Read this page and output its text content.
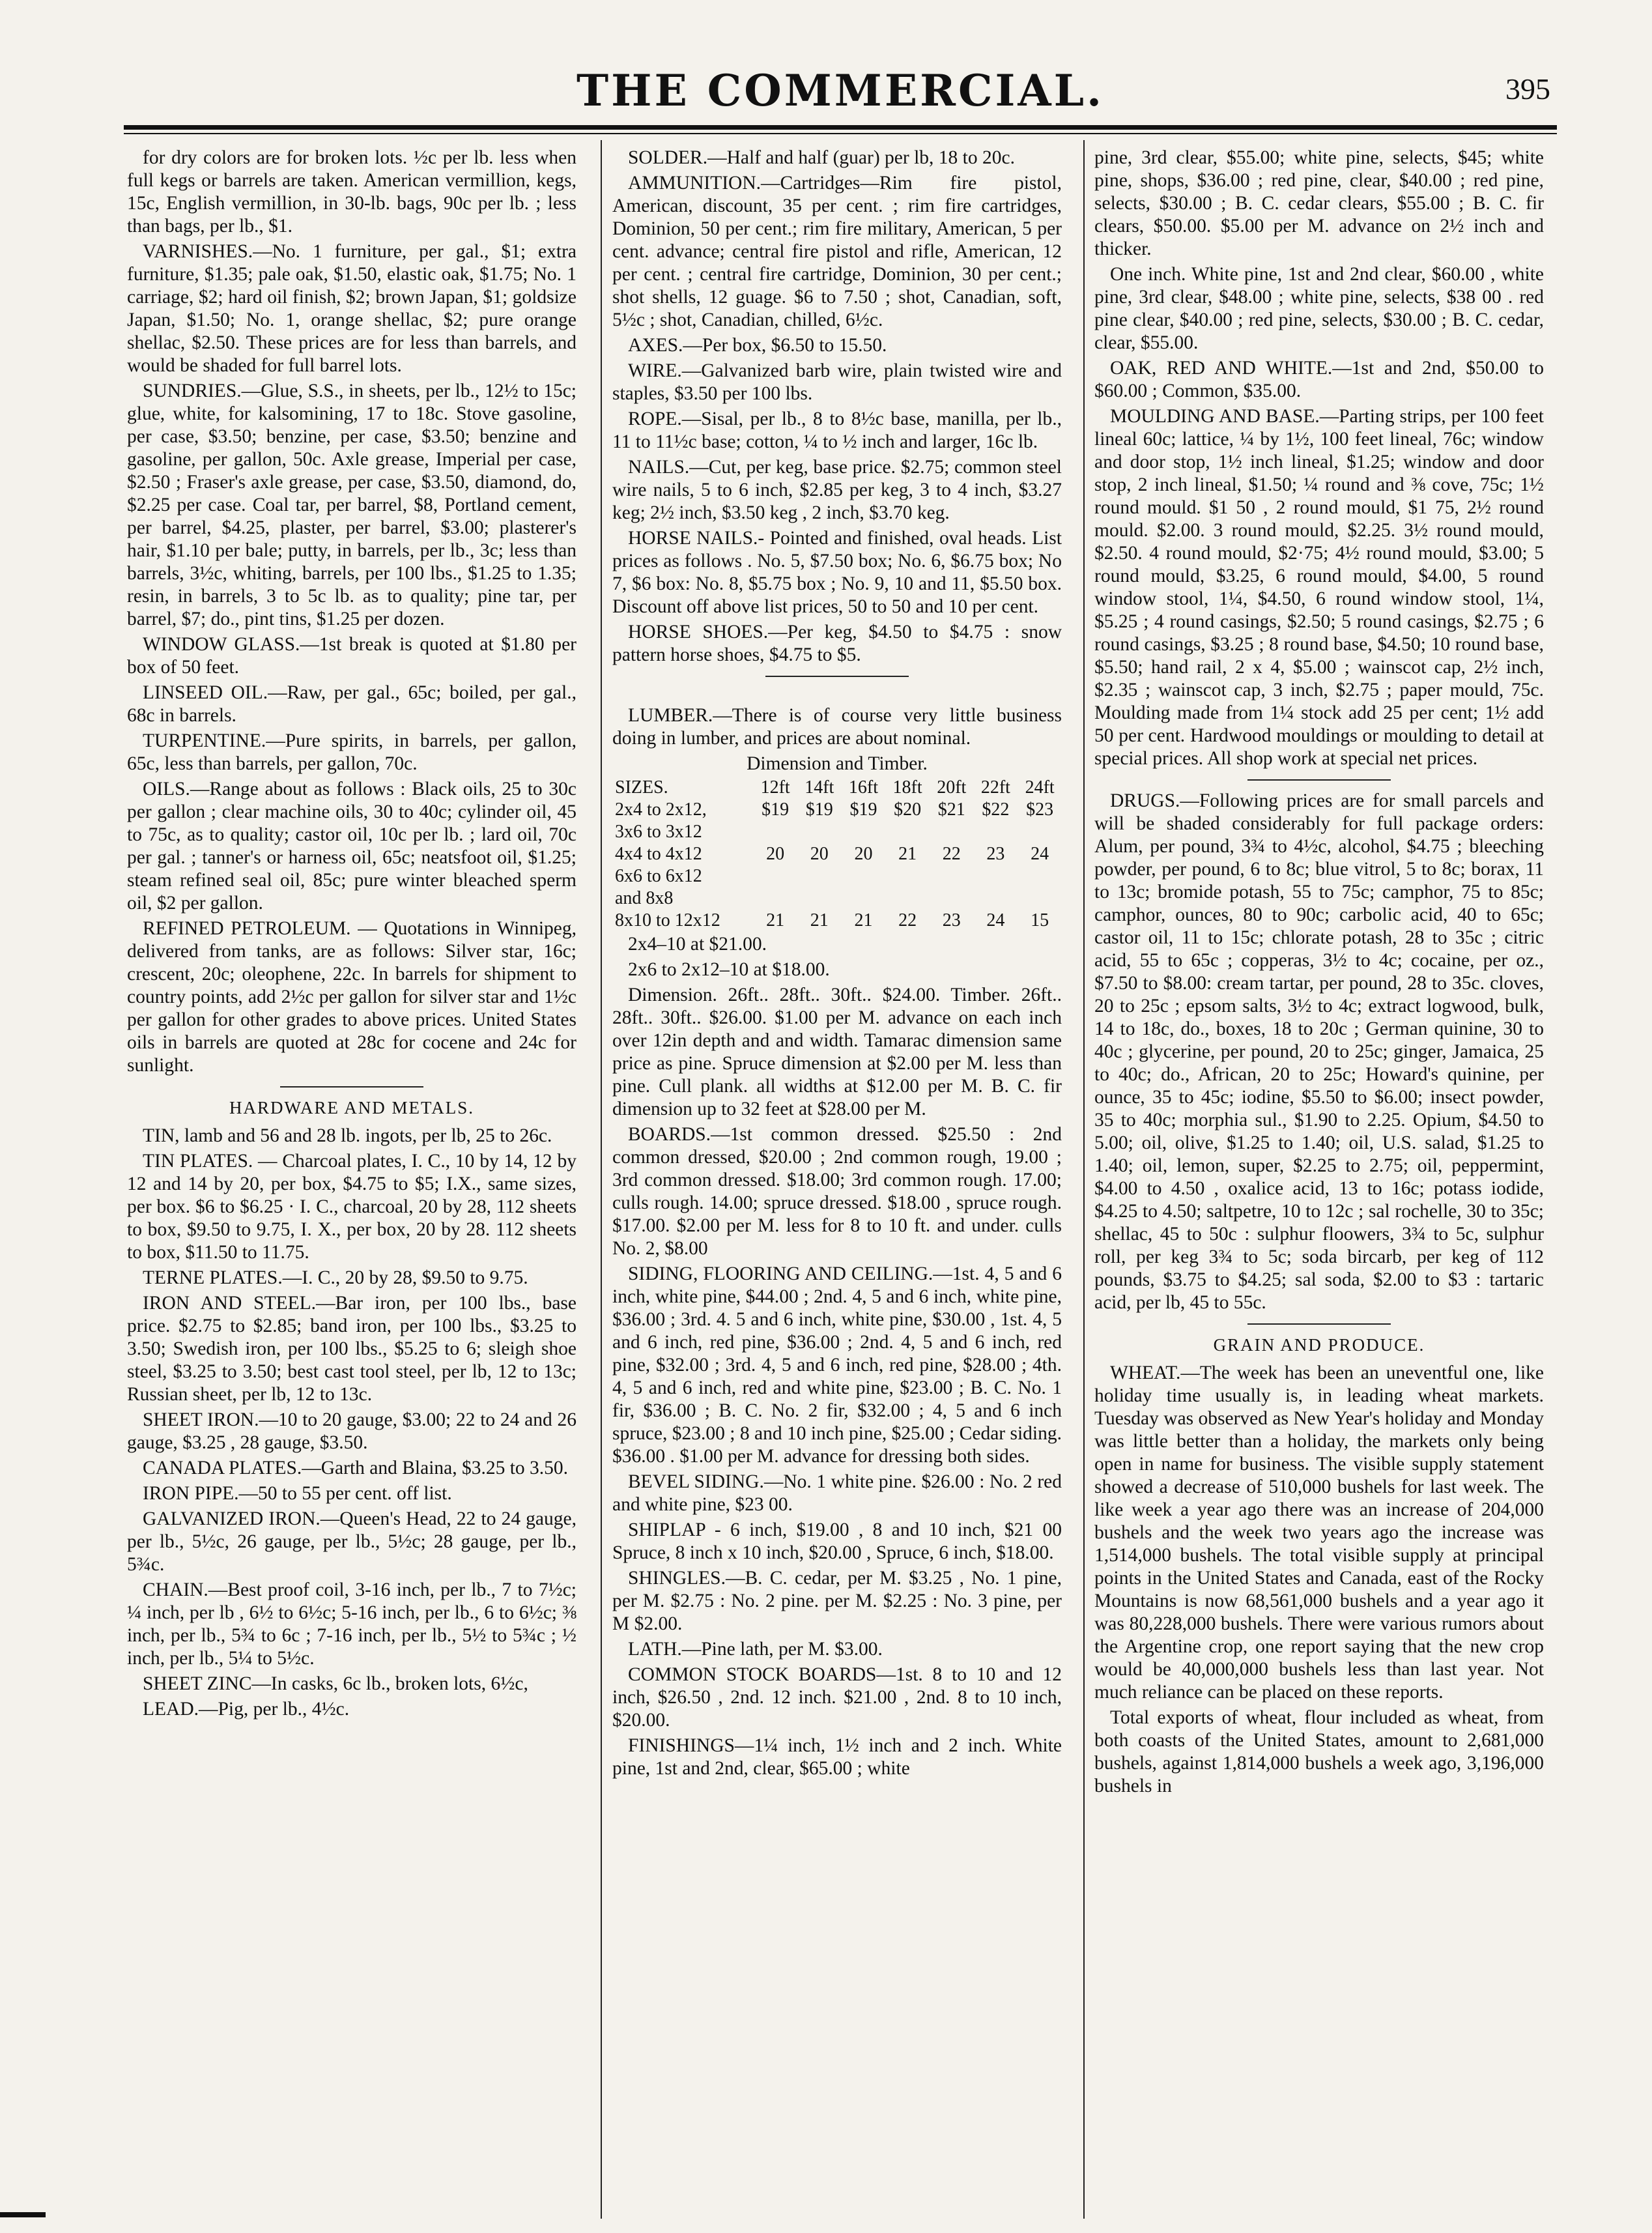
THE COMMERCIAL.	395

for dry colors are for broken lots. ½c per lb. less when full kegs or barrels are taken. American vermillion, kegs, 15c, English vermillion, in 30-lb. bags, 90c per lb. ; less than bags, per lb., $1.

VARNISHES.—No. 1 furniture, per gal., $1; extra furniture, $1.35; pale oak, $1.50, elastic oak, $1.75; No. 1 carriage, $2; hard oil finish, $2; brown Japan, $1; goldsize Japan, $1.50; No. 1, orange shellac, $2; pure orange shellac, $2.50. These prices are for less than barrels, and would be shaded for full barrel lots.

SUNDRIES.—Glue, S.S., in sheets, per lb., 12½ to 15c; glue, white, for kalsomining, 17 to 18c. Stove gasoline, per case, $3.50; benzine, per case, $3.50; benzine and gasoline, per gallon, 50c. Axle grease, Imperial per case, $2.50 ; Fraser's axle grease, per case, $3.50, diamond, do, $2.25 per case. Coal tar, per barrel, $8, Portland cement, per barrel, $4.25, plaster, per barrel, $3.00; plasterer's hair, $1.10 per bale; putty, in barrels, per lb., 3c; less than barrels, 3½c, whiting, barrels, per 100 lbs., $1.25 to 1.35; resin, in barrels, 3 to 5c lb. as to quality; pine tar, per barrel, $7; do., pint tins, $1.25 per dozen.

WINDOW GLASS.—1st break is quoted at $1.80 per box of 50 feet.

LINSEED OIL.—Raw, per gal., 65c; boiled, per gal., 68c in barrels.

TURPENTINE.—Pure spirits, in barrels, per gallon, 65c, less than barrels, per gallon, 70c.

OILS.—Range about as follows : Black oils, 25 to 30c per gallon ; clear machine oils, 30 to 40c; cylinder oil, 45 to 75c, as to quality; castor oil, 10c per lb. ; lard oil, 70c per gal. ; tanner's or harness oil, 65c; neatsfoot oil, $1.25; steam refined seal oil, 85c; pure winter bleached sperm oil, $2 per gallon.

REFINED PETROLEUM. — Quotations in Winnipeg, delivered from tanks, are as follows: Silver star, 16c; crescent, 20c; oleophene, 22c. In barrels for shipment to country points, add 2½c per gallon for silver star and 1½c per gallon for other grades to above prices. United States oils in barrels are quoted at 28c for cocene and 24c for sunlight.

HARDWARE AND METALS.

TIN, lamb and 56 and 28 lb. ingots, per lb, 25 to 26c.

TIN PLATES. — Charcoal plates, I. C., 10 by 14, 12 by 12 and 14 by 20, per box, $4.75 to $5; I.X., same sizes, per box. $6 to $6.25 · I. C., charcoal, 20 by 28, 112 sheets to box, $9.50 to 9.75, I. X., per box, 20 by 28. 112 sheets to box, $11.50 to 11.75.

TERNE PLATES.—I. C., 20 by 28, $9.50 to 9.75.

IRON AND STEEL.—Bar iron, per 100 lbs., base price. $2.75 to $2.85; band iron, per 100 lbs., $3.25 to 3.50; Swedish iron, per 100 lbs., $5.25 to 6; sleigh shoe steel, $3.25 to 3.50; best cast tool steel, per lb, 12 to 13c; Russian sheet, per lb, 12 to 13c.

SHEET IRON.—10 to 20 gauge, $3.00; 22 to 24 and 26 gauge, $3.25 , 28 gauge, $3.50.

CANADA PLATES.—Garth and Blaina, $3.25 to 3.50.

IRON PIPE.—50 to 55 per cent. off list.

GALVANIZED IRON.—Queen's Head, 22 to 24 gauge, per lb., 5½c, 26 gauge, per lb., 5½c; 28 gauge, per lb., 5¾c.

CHAIN.—Best proof coil, 3-16 inch, per lb., 7 to 7½c; ¼ inch, per lb , 6½ to 6½c; 5-16 inch, per lb., 6 to 6½c; ⅜ inch, per lb., 5¾ to 6c ; 7-16 inch, per lb., 5½ to 5¾c ; ½ inch, per lb., 5¼ to 5½c.

SHEET ZINC—In casks, 6c lb., broken lots, 6½c,

LEAD.—Pig, per lb., 4½c.

SOLDER.—Half and half (guar) per lb, 18 to 20c.

AMMUNITION.—Cartridges—Rim fire pistol, American, discount, 35 per cent. ; rim fire cartridges, Dominion, 50 per cent.; rim fire military, American, 5 per cent. advance; central fire pistol and rifle, American, 12 per cent. ; central fire cartridge, Dominion, 30 per cent.; shot shells, 12 guage. $6 to 7.50 ; shot, Canadian, soft, 5½c ; shot, Canadian, chilled, 6½c.

AXES.—Per box, $6.50 to 15.50.

WIRE.—Galvanized barb wire, plain twisted wire and staples, $3.50 per 100 lbs.

ROPE.—Sisal, per lb., 8 to 8½c base, manilla, per lb., 11 to 11½c base; cotton, ¼ to ½ inch and larger, 16c lb.

NAILS.—Cut, per keg, base price. $2.75; common steel wire nails, 5 to 6 inch, $2.85 per keg, 3 to 4 inch, $3.27 keg; 2½ inch, $3.50 keg , 2 inch, $3.70 keg.

HORSE NAILS.- Pointed and finished, oval heads. List prices as follows . No. 5, $7.50 box; No. 6, $6.75 box; No 7, $6 box: No. 8, $5.75 box ; No. 9, 10 and 11, $5.50 box. Discount off above list prices, 50 to 50 and 10 per cent.

HORSE SHOES.—Per keg, $4.50 to $4.75 : snow pattern horse shoes, $4.75 to $5.

LUMBER.—There is of course very little business doing in lumber, and prices are about nominal.

Dimension and Timber.
SIZES.	12ft	14ft	16ft	18ft	20ft	22ft	24ft
2x4 to 2x12,	$19	$19	$19	$20	$21	$22	$23
3x6 to 3x12							
4x4 to 4x12	20	20	20	21	22	23	24
6x6 to 6x12							
and 8x8							
8x10 to 12x12	21	21	21	22	23	24	15

2x4–10 at $21.00.

2x6 to 2x12–10 at $18.00.

Dimension. 26ft.. 28ft.. 30ft.. $24.00. Timber. 26ft.. 28ft.. 30ft.. $26.00. $1.00 per M. advance on each inch over 12in depth and and width. Tamarac dimension same price as pine. Spruce dimension at $2.00 per M. less than pine. Cull plank. all widths at $12.00 per M. B. C. fir dimension up to 32 feet at $28.00 per M.

BOARDS.—1st common dressed. $25.50 : 2nd common dressed, $20.00 ; 2nd common rough, 19.00 ; 3rd common dressed. $18.00; 3rd common rough. 17.00; culls rough. 14.00; spruce dressed. $18.00 , spruce rough. $17.00. $2.00 per M. less for 8 to 10 ft. and under. culls No. 2, $8.00

SIDING, FLOORING AND CEILING.—1st. 4, 5 and 6 inch, white pine, $44.00 ; 2nd. 4, 5 and 6 inch, white pine, $36.00 ; 3rd. 4. 5 and 6 inch, white pine, $30.00 , 1st. 4, 5 and 6 inch, red pine, $36.00 ; 2nd. 4, 5 and 6 inch, red pine, $32.00 ; 3rd. 4, 5 and 6 inch, red pine, $28.00 ; 4th. 4, 5 and 6 inch, red and white pine, $23.00 ; B. C. No. 1 fir, $36.00 ; B. C. No. 2 fir, $32.00 ; 4, 5 and 6 inch spruce, $23.00 ; 8 and 10 inch pine, $25.00 ; Cedar siding. $36.00 . $1.00 per M. advance for dressing both sides.

BEVEL SIDING.—No. 1 white pine. $26.00 : No. 2 red and white pine, $23 00.

SHIPLAP - 6 inch, $19.00 , 8 and 10 inch, $21 00 Spruce, 8 inch x 10 inch, $20.00 , Spruce, 6 inch, $18.00.

SHINGLES.—B. C. cedar, per M. $3.25 , No. 1 pine, per M. $2.75 : No. 2 pine. per M. $2.25 : No. 3 pine, per M $2.00.

LATH.—Pine lath, per M. $3.00.

COMMON STOCK BOARDS—1st. 8 to 10 and 12 inch, $26.50 , 2nd. 12 inch. $21.00 , 2nd. 8 to 10 inch, $20.00.

FINISHINGS—1¼ inch, 1½ inch and 2 inch. White pine, 1st and 2nd, clear, $65.00 ; white

pine, 3rd clear, $55.00; white pine, selects, $45; white pine, shops, $36.00 ; red pine, clear, $40.00 ; red pine, selects, $30.00 ; B. C. cedar clears, $55.00 ; B. C. fir clears, $50.00. $5.00 per M. advance on 2½ inch and thicker.

One inch. White pine, 1st and 2nd clear, $60.00 , white pine, 3rd clear, $48.00 ; white pine, selects, $38 00 . red pine clear, $40.00 ; red pine, selects, $30.00 ; B. C. cedar, clear, $55.00.

OAK, RED AND WHITE.—1st and 2nd, $50.00 to $60.00 ; Common, $35.00.

MOULDING AND BASE.—Parting strips, per 100 feet lineal 60c; lattice, ¼ by 1½, 100 feet lineal, 76c; window and door stop, 1½ inch lineal, $1.25; window and door stop, 2 inch lineal, $1.50; ¼ round and ⅜ cove, 75c; 1½ round mould. $1 50 , 2 round mould, $1 75, 2½ round mould. $2.00. 3 round mould, $2.25. 3½ round mould, $2.50. 4 round mould, $2·75; 4½ round mould, $3.00; 5 round mould, $3.25, 6 round mould, $4.00, 5 round window stool, 1¼, $4.50, 6 round window stool, 1¼, $5.25 ; 4 round casings, $2.50; 5 round casings, $2.75 ; 6 round casings, $3.25 ; 8 round base, $4.50; 10 round base, $5.50; hand rail, 2 x 4, $5.00 ; wainscot cap, 2½ inch, $2.35 ; wainscot cap, 3 inch, $2.75 ; paper mould, 75c. Moulding made from 1¼ stock add 25 per cent; 1½ add 50 per cent. Hardwood mouldings or moulding to detail at special prices. All shop work at special net prices.

DRUGS.—Following prices are for small parcels and will be shaded considerably for full package orders: Alum, per pound, 3¾ to 4½c, alcohol, $4.75 ; bleeching powder, per pound, 6 to 8c; blue vitrol, 5 to 8c; borax, 11 to 13c; bromide potash, 55 to 75c; camphor, 75 to 85c; camphor, ounces, 80 to 90c; carbolic acid, 40 to 65c; castor oil, 11 to 15c; chlorate potash, 28 to 35c ; citric acid, 55 to 65c ; copperas, 3½ to 4c; cocaine, per oz., $7.50 to $8.00: cream tartar, per pound, 28 to 35c. cloves, 20 to 25c ; epsom salts, 3½ to 4c; extract logwood, bulk, 14 to 18c, do., boxes, 18 to 20c ; German quinine, 30 to 40c ; glycerine, per pound, 20 to 25c; ginger, Jamaica, 25 to 40c; do., African, 20 to 25c; Howard's quinine, per ounce, 35 to 45c; iodine, $5.50 to $6.00; insect powder, 35 to 40c; morphia sul., $1.90 to 2.25. Opium, $4.50 to 5.00; oil, olive, $1.25 to 1.40; oil, U.S. salad, $1.25 to 1.40; oil, lemon, super, $2.25 to 2.75; oil, peppermint, $4.00 to 4.50 , oxalice acid, 13 to 16c; potass iodide, $4.25 to 4.50; saltpetre, 10 to 12c ; sal rochelle, 30 to 35c; shellac, 45 to 50c : sulphur floowers, 3¾ to 5c, sulphur roll, per keg 3¾ to 5c; soda bircarb, per keg of 112 pounds, $3.75 to $4.25; sal soda, $2.00 to $3 : tartaric acid, per lb, 45 to 55c.

GRAIN AND PRODUCE.

WHEAT.—The week has been an uneventful one, like holiday time usually is, in leading wheat markets. Tuesday was observed as New Year's holiday and Monday was little better than a holiday, the markets only being open in name for business. The visible supply statement showed a decrease of 510,000 bushels for last week. The like week a year ago there was an increase of 204,000 bushels and the week two years ago the increase was 1,514,000 bushels. The total visible supply at principal points in the United States and Canada, east of the Rocky Mountains is now 68,561,000 bushels and a year ago it was 80,228,000 bushels. There were various rumors about the Argentine crop, one report saying that the new crop would be 40,000,000 bushels less than last year. Not much reliance can be placed on these reports.

Total exports of wheat, flour included as wheat, from both coasts of the United States, amount to 2,681,000 bushels, against 1,814,000 bushels a week ago, 3,196,000 bushels in
